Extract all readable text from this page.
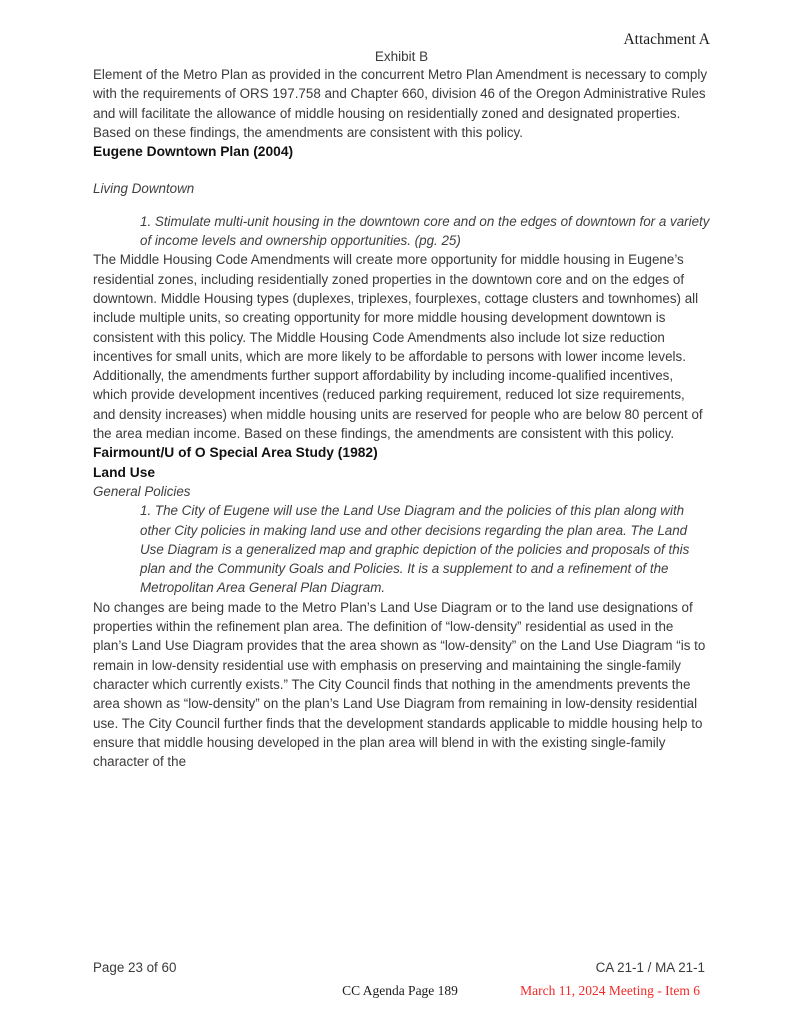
Attachment A
Exhibit B

Element of the Metro Plan as provided in the concurrent Metro Plan Amendment is necessary to comply with the requirements of ORS 197.758 and Chapter 660, division 46 of the Oregon Administrative Rules and will facilitate the allowance of middle housing on residentially zoned and designated properties. Based on these findings, the amendments are consistent with this policy.

Eugene Downtown Plan (2004)

Living Downtown

1. Stimulate multi-unit housing in the downtown core and on the edges of downtown for a variety of income levels and ownership opportunities. (pg. 25)

The Middle Housing Code Amendments will create more opportunity for middle housing in Eugene’s residential zones, including residentially zoned properties in the downtown core and on the edges of downtown. Middle Housing types (duplexes, triplexes, fourplexes, cottage clusters and townhomes) all include multiple units, so creating opportunity for more middle housing development downtown is consistent with this policy. The Middle Housing Code Amendments also include lot size reduction incentives for small units, which are more likely to be affordable to persons with lower income levels. Additionally, the amendments further support affordability by including income-qualified incentives, which provide development incentives (reduced parking requirement, reduced lot size requirements, and density increases) when middle housing units are reserved for people who are below 80 percent of the area median income. Based on these findings, the amendments are consistent with this policy.

Fairmount/U of O Special Area Study (1982)
Land Use

General Policies

1. The City of Eugene will use the Land Use Diagram and the policies of this plan along with other City policies in making land use and other decisions regarding the plan area. The Land Use Diagram is a generalized map and graphic depiction of the policies and proposals of this plan and the Community Goals and Policies. It is a supplement to and a refinement of the Metropolitan Area General Plan Diagram.

No changes are being made to the Metro Plan’s Land Use Diagram or to the land use designations of properties within the refinement plan area. The definition of “low-density” residential as used in the plan’s Land Use Diagram provides that the area shown as “low-density” on the Land Use Diagram “is to remain in low-density residential use with emphasis on preserving and maintaining the single-family character which currently exists.” The City Council finds that nothing in the amendments prevents the area shown as “low-density” on the plan’s Land Use Diagram from remaining in low-density residential use. The City Council further finds that the development standards applicable to middle housing help to ensure that middle housing developed in the plan area will blend in with the existing single-family character of the

Page 23 of 60	CA 21-1 / MA 21-1
CC Agenda Page 189	March 11, 2024 Meeting - Item 6
